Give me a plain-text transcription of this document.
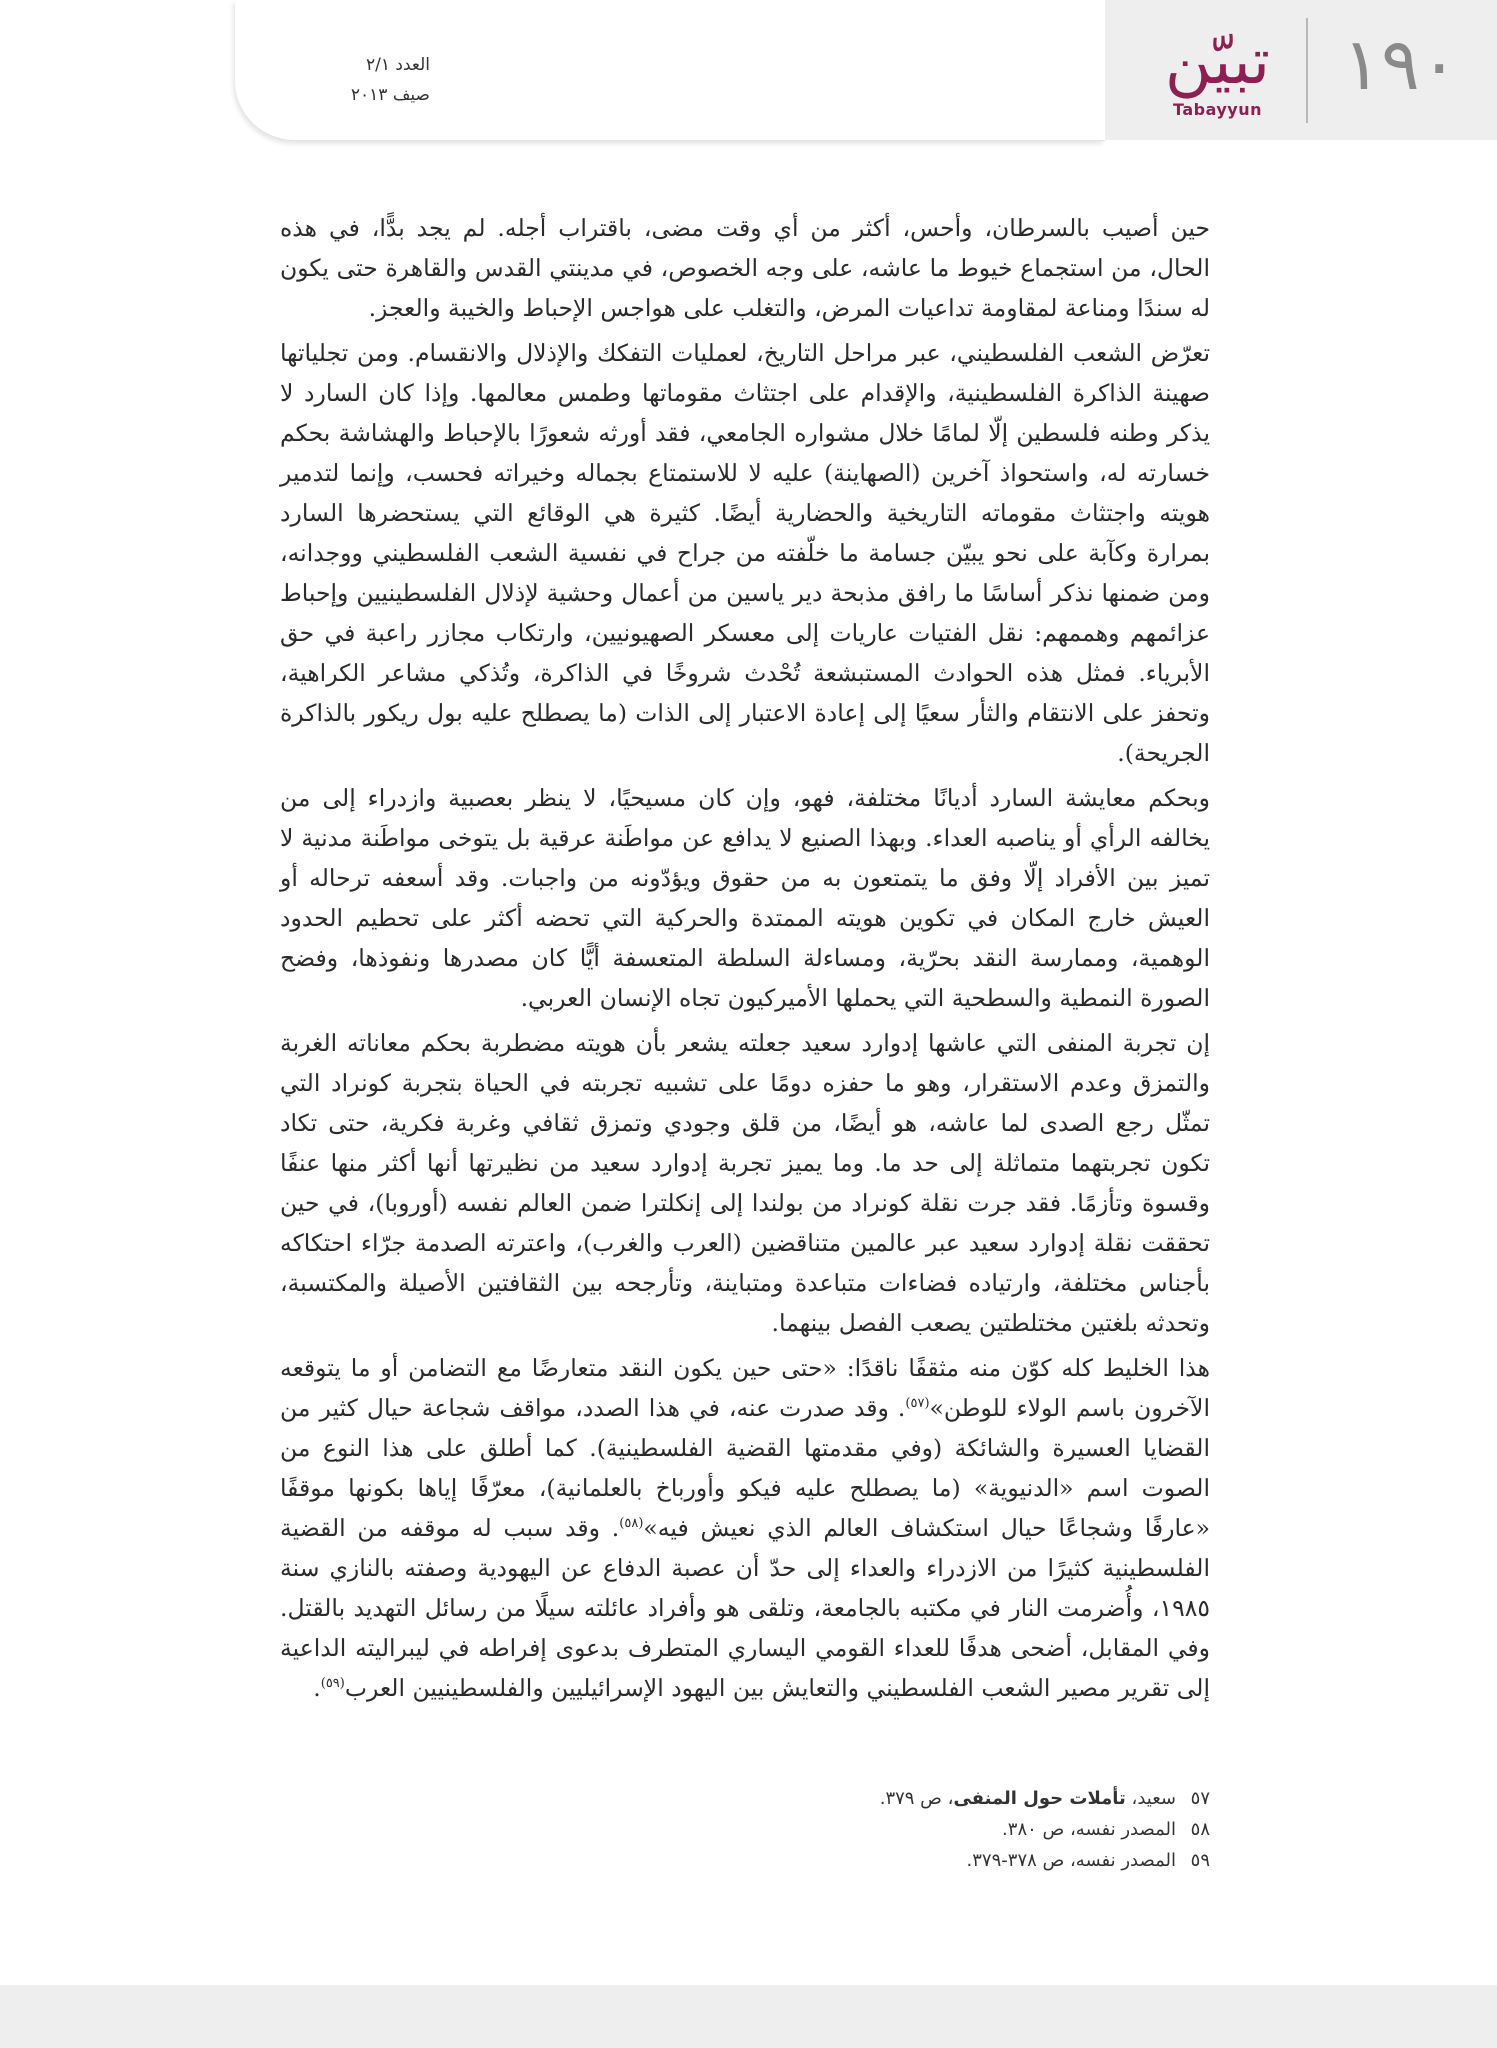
العدد ٢/١
صيف ٢٠١٣	تبيّن
Tabayyun
١٩٠

حين أصيب بالسرطان، وأحس، أكثر من أي وقت مضى، باقتراب أجله. لم يجد بدًّا، في هذه الحال، من استجماع خيوط ما عاشه، على وجه الخصوص، في مدينتي القدس والقاهرة حتى يكون له سندًا ومناعة لمقاومة تداعيات المرض، والتغلب على هواجس الإحباط والخيبة والعجز.

تعرّض الشعب الفلسطيني، عبر مراحل التاريخ، لعمليات التفكك والإذلال والانقسام. ومن تجلياتها صهينة الذاكرة الفلسطينية، والإقدام على اجتثاث مقوماتها وطمس معالمها. وإذا كان السارد لا يذكر وطنه فلسطين إلّا لمامًا خلال مشواره الجامعي، فقد أورثه شعورًا بالإحباط والهشاشة بحكم خسارته له، واستحواذ آخرين (الصهاينة) عليه لا للاستمتاع بجماله وخيراته فحسب، وإنما لتدمير هويته واجتثاث مقوماته التاريخية والحضارية أيضًا. كثيرة هي الوقائع التي يستحضرها السارد بمرارة وكآبة على نحو يبيّن جسامة ما خلّفته من جراح في نفسية الشعب الفلسطيني ووجدانه، ومن ضمنها نذكر أساسًا ما رافق مذبحة دير ياسين من أعمال وحشية لإذلال الفلسطينيين وإحباط عزائمهم وهممهم: نقل الفتيات عاريات إلى معسكر الصهيونيين، وارتكاب مجازر راعبة في حق الأبرياء. فمثل هذه الحوادث المستبشعة تُحْدث شروخًا في الذاكرة، وتُذكي مشاعر الكراهية، وتحفز على الانتقام والثأر سعيًا إلى إعادة الاعتبار إلى الذات (ما يصطلح عليه بول ريكور بالذاكرة الجريحة).

وبحكم معايشة السارد أديانًا مختلفة، فهو، وإن كان مسيحيًا، لا ينظر بعصبية وازدراء إلى من يخالفه الرأي أو يناصبه العداء. وبهذا الصنيع لا يدافع عن مواطَنة عرقية بل يتوخى مواطَنة مدنية لا تميز بين الأفراد إلّا وفق ما يتمتعون به من حقوق ويؤدّونه من واجبات. وقد أسعفه ترحاله أو العيش خارج المكان في تكوين هويته الممتدة والحركية التي تحضه أكثر على تحطيم الحدود الوهمية، وممارسة النقد بحرّية، ومساءلة السلطة المتعسفة أيًّا كان مصدرها ونفوذها، وفضح الصورة النمطية والسطحية التي يحملها الأميركيون تجاه الإنسان العربي.

إن تجربة المنفى التي عاشها إدوارد سعيد جعلته يشعر بأن هويته مضطربة بحكم معاناته الغربة والتمزق وعدم الاستقرار، وهو ما حفزه دومًا على تشبيه تجربته في الحياة بتجربة كونراد التي تمثّل رجع الصدى لما عاشه، هو أيضًا، من قلق وجودي وتمزق ثقافي وغربة فكرية، حتى تكاد تكون تجربتهما متماثلة إلى حد ما. وما يميز تجربة إدوارد سعيد من نظيرتها أنها أكثر منها عنفًا وقسوة وتأزمًا. فقد جرت نقلة كونراد من بولندا إلى إنكلترا ضمن العالم نفسه (أوروبا)، في حين تحققت نقلة إدوارد سعيد عبر عالمين متناقضين (العرب والغرب)، واعترته الصدمة جرّاء احتكاكه بأجناس مختلفة، وارتياده فضاءات متباعدة ومتباينة، وتأرجحه بين الثقافتين الأصيلة والمكتسبة، وتحدثه بلغتين مختلطتين يصعب الفصل بينهما.

هذا الخليط كله كوّن منه مثقفًا ناقدًا: «حتى حين يكون النقد متعارضًا مع التضامن أو ما يتوقعه الآخرون باسم الولاء للوطن»$^{(٥٧)}$. وقد صدرت عنه، في هذا الصدد، مواقف شجاعة حيال كثير من القضايا العسيرة والشائكة (وفي مقدمتها القضية الفلسطينية). كما أطلق على هذا النوع من الصوت اسم «الدنيوية» (ما يصطلح عليه فيكو وأورباخ بالعلمانية)، معرّفًا إياها بكونها موقفًا «عارفًا وشجاعًا حيال استكشاف العالم الذي نعيش فيه»$^{(٥٨)}$. وقد سبب له موقفه من القضية الفلسطينية كثيرًا من الازدراء والعداء إلى حدّ أن عصبة الدفاع عن اليهودية وصفته بالنازي سنة ١٩٨٥، وأُضرمت النار في مكتبه بالجامعة، وتلقى هو وأفراد عائلته سيلًا من رسائل التهديد بالقتل. وفي المقابل، أضحى هدفًا للعداء القومي اليساري المتطرف بدعوى إفراطه في ليبراليته الداعية إلى تقرير مصير الشعب الفلسطيني والتعايش بين اليهود الإسرائيليين والفلسطينيين العرب$^{(٥٩)}$.

٥٧سعيد، تأملات حول المنفى، ص ٣٧٩.
٥٨المصدر نفسه، ص ٣٨٠.
٥٩المصدر نفسه، ص ٣٧٨-٣٧٩.
